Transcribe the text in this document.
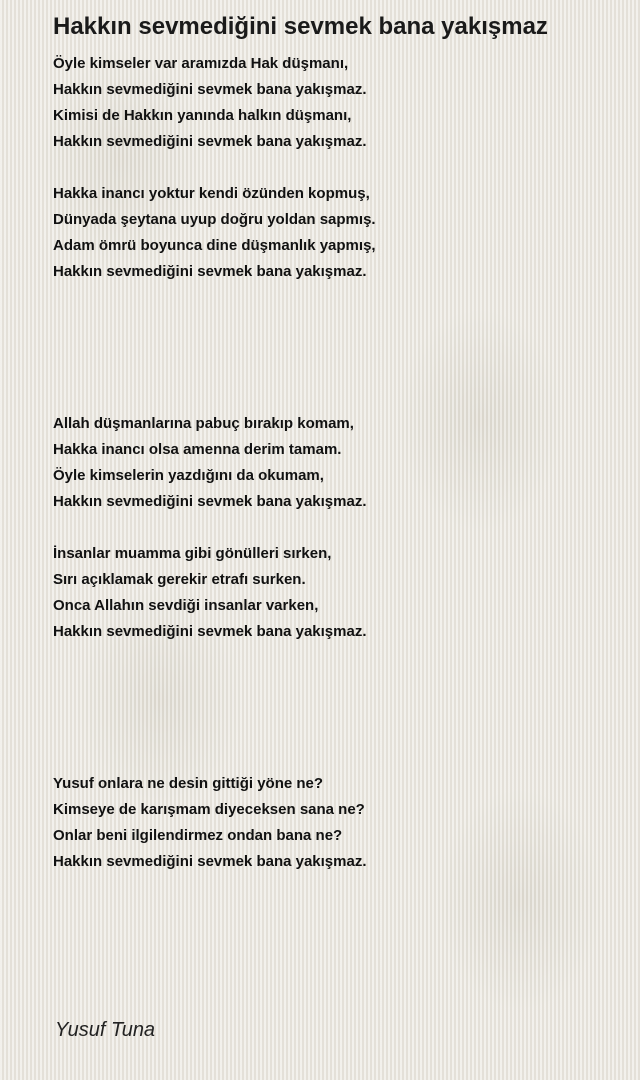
Hakkın sevmediğini sevmek bana yakışmaz
Öyle kimseler var aramızda Hak düşmanı,
Hakkın sevmediğini sevmek bana yakışmaz.
Kimisi de Hakkın yanında halkın düşmanı,
Hakkın sevmediğini sevmek bana yakışmaz.
Hakka inancı yoktur kendi özünden kopmuş,
Dünyada şeytana uyup doğru yoldan sapmış.
Adam ömrü boyunca dine düşmanlık yapmış,
Hakkın sevmediğini sevmek bana yakışmaz.
Allah düşmanlarına pabuç bırakıp komam,
Hakka inancı olsa amenna derim tamam.
Öyle kimselerin yazdığını da okumam,
Hakkın sevmediğini sevmek bana yakışmaz.
İnsanlar muamma gibi gönülleri sırken,
Sırı açıklamak gerekir etrafı surken.
Onca Allahın sevdiği insanlar varken,
Hakkın sevmediğini sevmek bana yakışmaz.
Yusuf onlara ne desin gittiği yöne ne?
Kimseye de karışmam diyeceksen sana ne?
Onlar beni ilgilendirmez ondan bana ne?
Hakkın sevmediğini sevmek bana yakışmaz.
Yusuf Tuna
